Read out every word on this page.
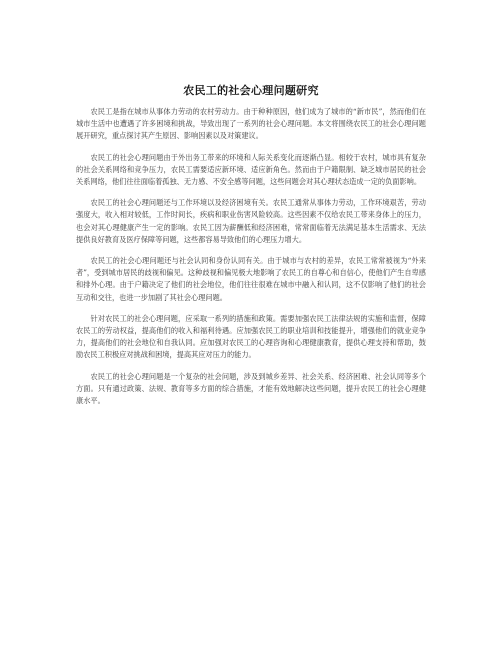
农民工的社会心理问题研究

农民工是指在城市从事体力劳动的农村劳动力。由于种种原因，他们成为了城市的“新市民”，然而他们在城市生活中也遭遇了许多困境和挑战，导致出现了一系列的社会心理问题。本文将围绕农民工的社会心理问题展开研究，重点探讨其产生原因、影响因素以及对策建议。

农民工的社会心理问题由于外出务工带来的环境和人际关系变化而逐渐凸显。相较于农村，城市具有复杂的社会关系网络和竞争压力，农民工需要适应新环境、适应新角色。然而由于户籍限制、缺乏城市居民的社会关系网络，他们往往面临着孤独、无力感、不安全感等问题，这些问题会对其心理状态造成一定的负面影响。

农民工的社会心理问题还与工作环境以及经济困境有关。农民工通常从事体力劳动，工作环境艰苦，劳动强度大，收入相对较低，工作时间长，疾病和职业伤害风险较高。这些因素不仅给农民工带来身体上的压力，也会对其心理健康产生一定的影响。农民工因为薪酬低和经济困难，常常面临着无法满足基本生活需求、无法提供良好教育及医疗保障等问题，这些都容易导致他们的心理压力增大。

农民工的社会心理问题还与社会认同和身份认同有关。由于城市与农村的差异，农民工常常被视为“外来者”，受到城市居民的歧视和偏见。这种歧视和偏见极大地影响了农民工的自尊心和自信心，使他们产生自卑感和排外心理。由于户籍决定了他们的社会地位，他们往往很难在城市中融入和认同，这不仅影响了他们的社会互动和交往，也进一步加剧了其社会心理问题。

针对农民工的社会心理问题，应采取一系列的措施和政策。需要加强农民工法律法规的实施和监督，保障农民工的劳动权益，提高他们的收入和福利待遇。应加强农民工的职业培训和技能提升，增强他们的就业竞争力，提高他们的社会地位和自我认同。应加强对农民工的心理咨询和心理健康教育，提供心理支持和帮助，鼓励农民工积极应对挑战和困境，提高其应对压力的能力。

农民工的社会心理问题是一个复杂的社会问题，涉及到城乡差异、社会关系、经济困难、社会认同等多个方面。只有通过政策、法规、教育等多方面的综合措施，才能有效地解决这些问题，提升农民工的社会心理健康水平。
